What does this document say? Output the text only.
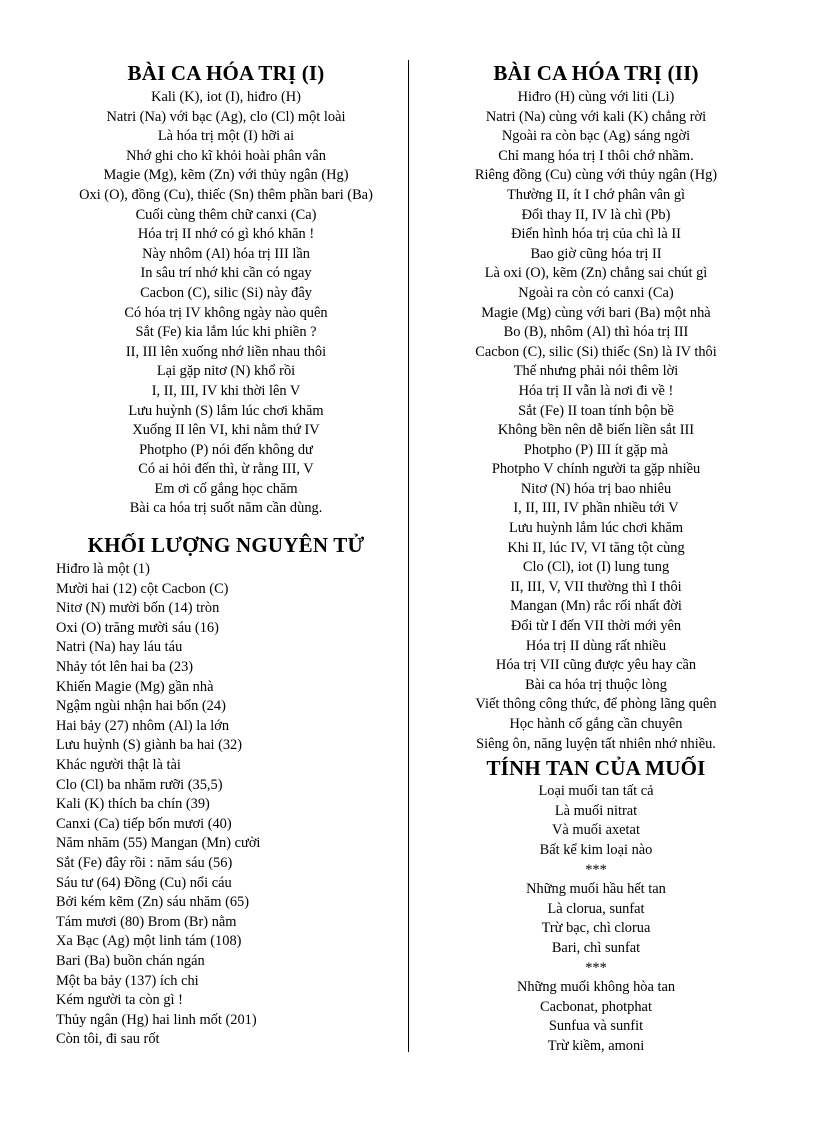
BÀI CA HÓA TRỊ (I)
Kali (K), iot (I), hiđro (H)
Natri (Na) với bạc (Ag), clo (Cl) một loài
Là hóa trị một (I) hỡi ai
Nhớ ghi cho kĩ khỏi hoài phân vân
Magie (Mg), kẽm (Zn) với thủy ngân (Hg)
Oxi (O), đồng (Cu), thiếc (Sn) thêm phần bari (Ba)
Cuối cùng thêm chữ canxi (Ca)
Hóa trị II nhớ có gì khó khăn !
Này nhôm (Al) hóa trị III lần
In sâu trí nhớ khi cần có ngay
Cacbon (C), silic (Si) này đây
Có hóa trị IV không ngày nào quên
Sắt (Fe) kia lắm lúc khi phiền ?
II, III lên xuống nhớ liền nhau thôi
Lại gặp nitơ (N) khổ rồi
I, II, III, IV khi thời lên V
Lưu huỳnh (S) lắm lúc chơi khăm
Xuống II lên VI, khi nằm thứ IV
Photpho (P) nói đến không dư
Có ai hỏi đến thì, ừ rằng III, V
Em ơi cố gắng học chăm
Bài ca hóa trị suốt năm cần dùng.
KHỐI LƯỢNG NGUYÊN TỬ
Hiđro là một (1)
Mười hai (12) cột Cacbon (C)
Nitơ (N) mười bốn (14) tròn
Oxi (O) trăng mười sáu (16)
Natri (Na) hay láu táu
Nhảy tót lên hai ba (23)
Khiến Magie (Mg) gần nhà
Ngậm ngùi nhận hai bốn (24)
Hai bảy (27) nhôm (Al) la lớn
Lưu huỳnh (S) giành ba hai (32)
Khác người thật là tài
Clo (Cl) ba nhăm rưỡi (35,5)
Kali (K) thích ba chín (39)
Canxi (Ca) tiếp bốn mươi (40)
Năm nhăm (55) Mangan (Mn) cười
Sắt (Fe) đây rồi : năm sáu (56)
Sáu tư (64) Đồng (Cu) nổi cáu
Bởi kém kẽm (Zn) sáu nhăm (65)
Tám mươi (80) Brom (Br) nằm
Xa Bạc (Ag) một linh tám (108)
Bari (Ba) buồn chán ngán
Một ba bảy (137) ích chi
Kém người ta còn gì !
Thủy ngân (Hg) hai linh mốt (201)
Còn tôi, đi sau rốt
BÀI CA HÓA TRỊ (II)
Hiđro (H) cùng với liti (Li)
Natri (Na) cùng với kali (K) chẳng rời
Ngoài ra còn bạc (Ag) sáng ngời
Chỉ mang hóa trị I thôi chớ nhầm.
Riêng đồng (Cu) cùng với thủy ngân (Hg)
Thường II, ít I chớ phân vân gì
Đổi thay II, IV là chì (Pb)
Điển hình hóa trị của chì là II
Bao giờ cũng hóa trị II
Là oxi (O), kẽm (Zn) chẳng sai chút gì
Ngoài ra còn có canxi (Ca)
Magie (Mg) cùng với bari (Ba) một nhà
Bo (B), nhôm (Al) thì hóa trị III
Cacbon (C), silic (Si) thiếc (Sn) là IV thôi
Thế nhưng phải nói thêm lời
Hóa trị II vẫn là nơi đi về !
Sắt (Fe) II toan tính bộn bề
Không bền nên dễ biến liền sắt III
Photpho (P) III ít gặp mà
Photpho V chính người ta gặp nhiều
Nitơ (N) hóa trị bao nhiêu
I, II, III, IV phần nhiều tới V
Lưu huỳnh lắm lúc chơi khăm
Khi II, lúc IV, VI tăng tột cùng
Clo (Cl), iot (I) lung tung
II, III, V, VII thường thì I thôi
Mangan (Mn) rắc rối nhất đời
Đổi từ I đến VII thời mới yên
Hóa trị II dùng rất nhiều
Hóa trị VII cũng được yêu hay cần
Bài ca hóa trị thuộc lòng
Viết thông công thức, để phòng lãng quên
Học hành cố gắng cần chuyên
Siêng ôn, năng luyện tất nhiên nhớ nhiều.
TÍNH TAN CỦA MUỐI
Loại muối tan tất cả
Là muối nitrat
Và muối axetat
Bất kể kim loại nào
***
Những muối hầu hết tan
Là clorua, sunfat
Trừ bạc, chì clorua
Bari, chì sunfat
***
Những muối không hòa tan
Cacbonat, photphat
Sunfua và sunfit
Trừ kiềm, amoni
